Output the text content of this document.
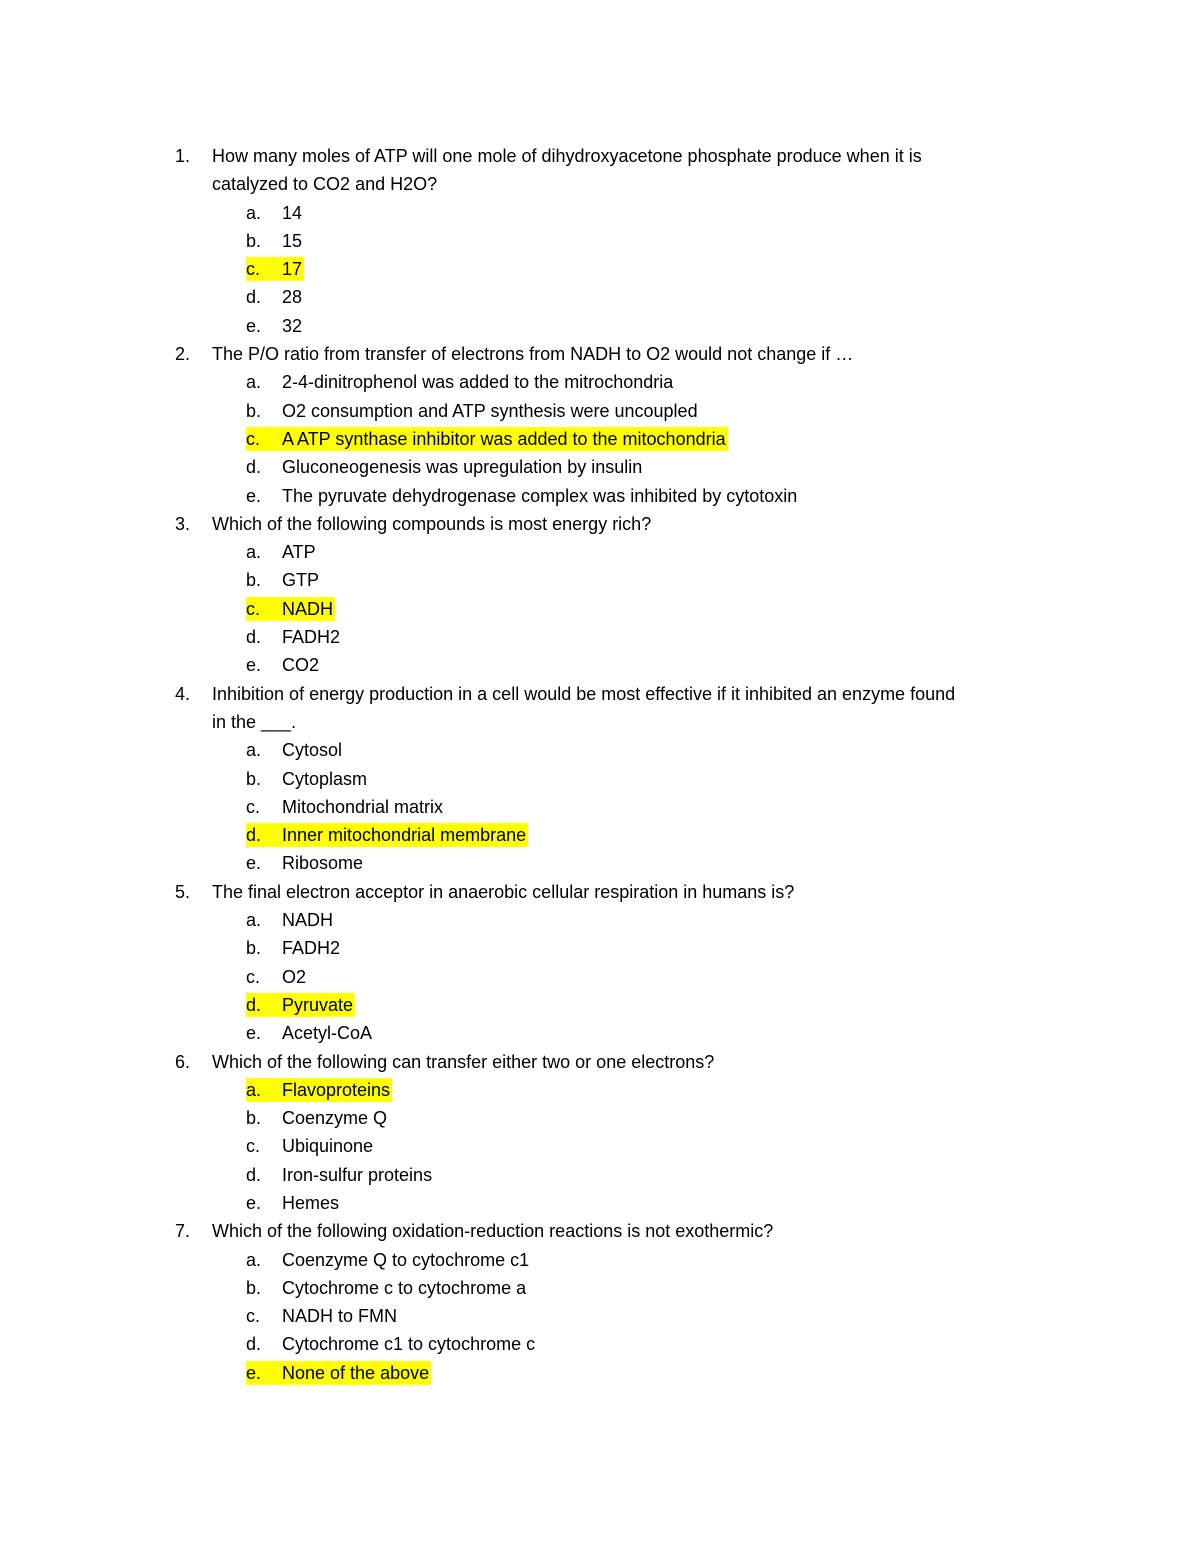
1. How many moles of ATP will one mole of dihydroxyacetone phosphate produce when it is
catalyzed to CO2 and H2O?
a. 14
b. 15
c. 17
d. 28
e. 32
2. The P/O ratio from transfer of electrons from NADH to O2 would not change if …
a. 2-4-dinitrophenol was added to the mitrochondria
b. O2 consumption and ATP synthesis were uncoupled
c. A ATP synthase inhibitor was added to the mitochondria
d. Gluconeogenesis was upregulation by insulin
e. The pyruvate dehydrogenase complex was inhibited by cytotoxin
3. Which of the following compounds is most energy rich?
a. ATP
b. GTP
c. NADH
d. FADH2
e. CO2
4. Inhibition of energy production in a cell would be most effective if it inhibited an enzyme found
in the ___.
a. Cytosol
b. Cytoplasm
c. Mitochondrial matrix
d. Inner mitochondrial membrane
e. Ribosome
5. The final electron acceptor in anaerobic cellular respiration in humans is?
a. NADH
b. FADH2
c. O2
d. Pyruvate
e. Acetyl-CoA
6. Which of the following can transfer either two or one electrons?
a. Flavoproteins
b. Coenzyme Q
c. Ubiquinone
d. Iron-sulfur proteins
e. Hemes
7. Which of the following oxidation-reduction reactions is not exothermic?
a. Coenzyme Q to cytochrome c1
b. Cytochrome c to cytochrome a
c. NADH to FMN
d. Cytochrome c1 to cytochrome c
e. None of the above
